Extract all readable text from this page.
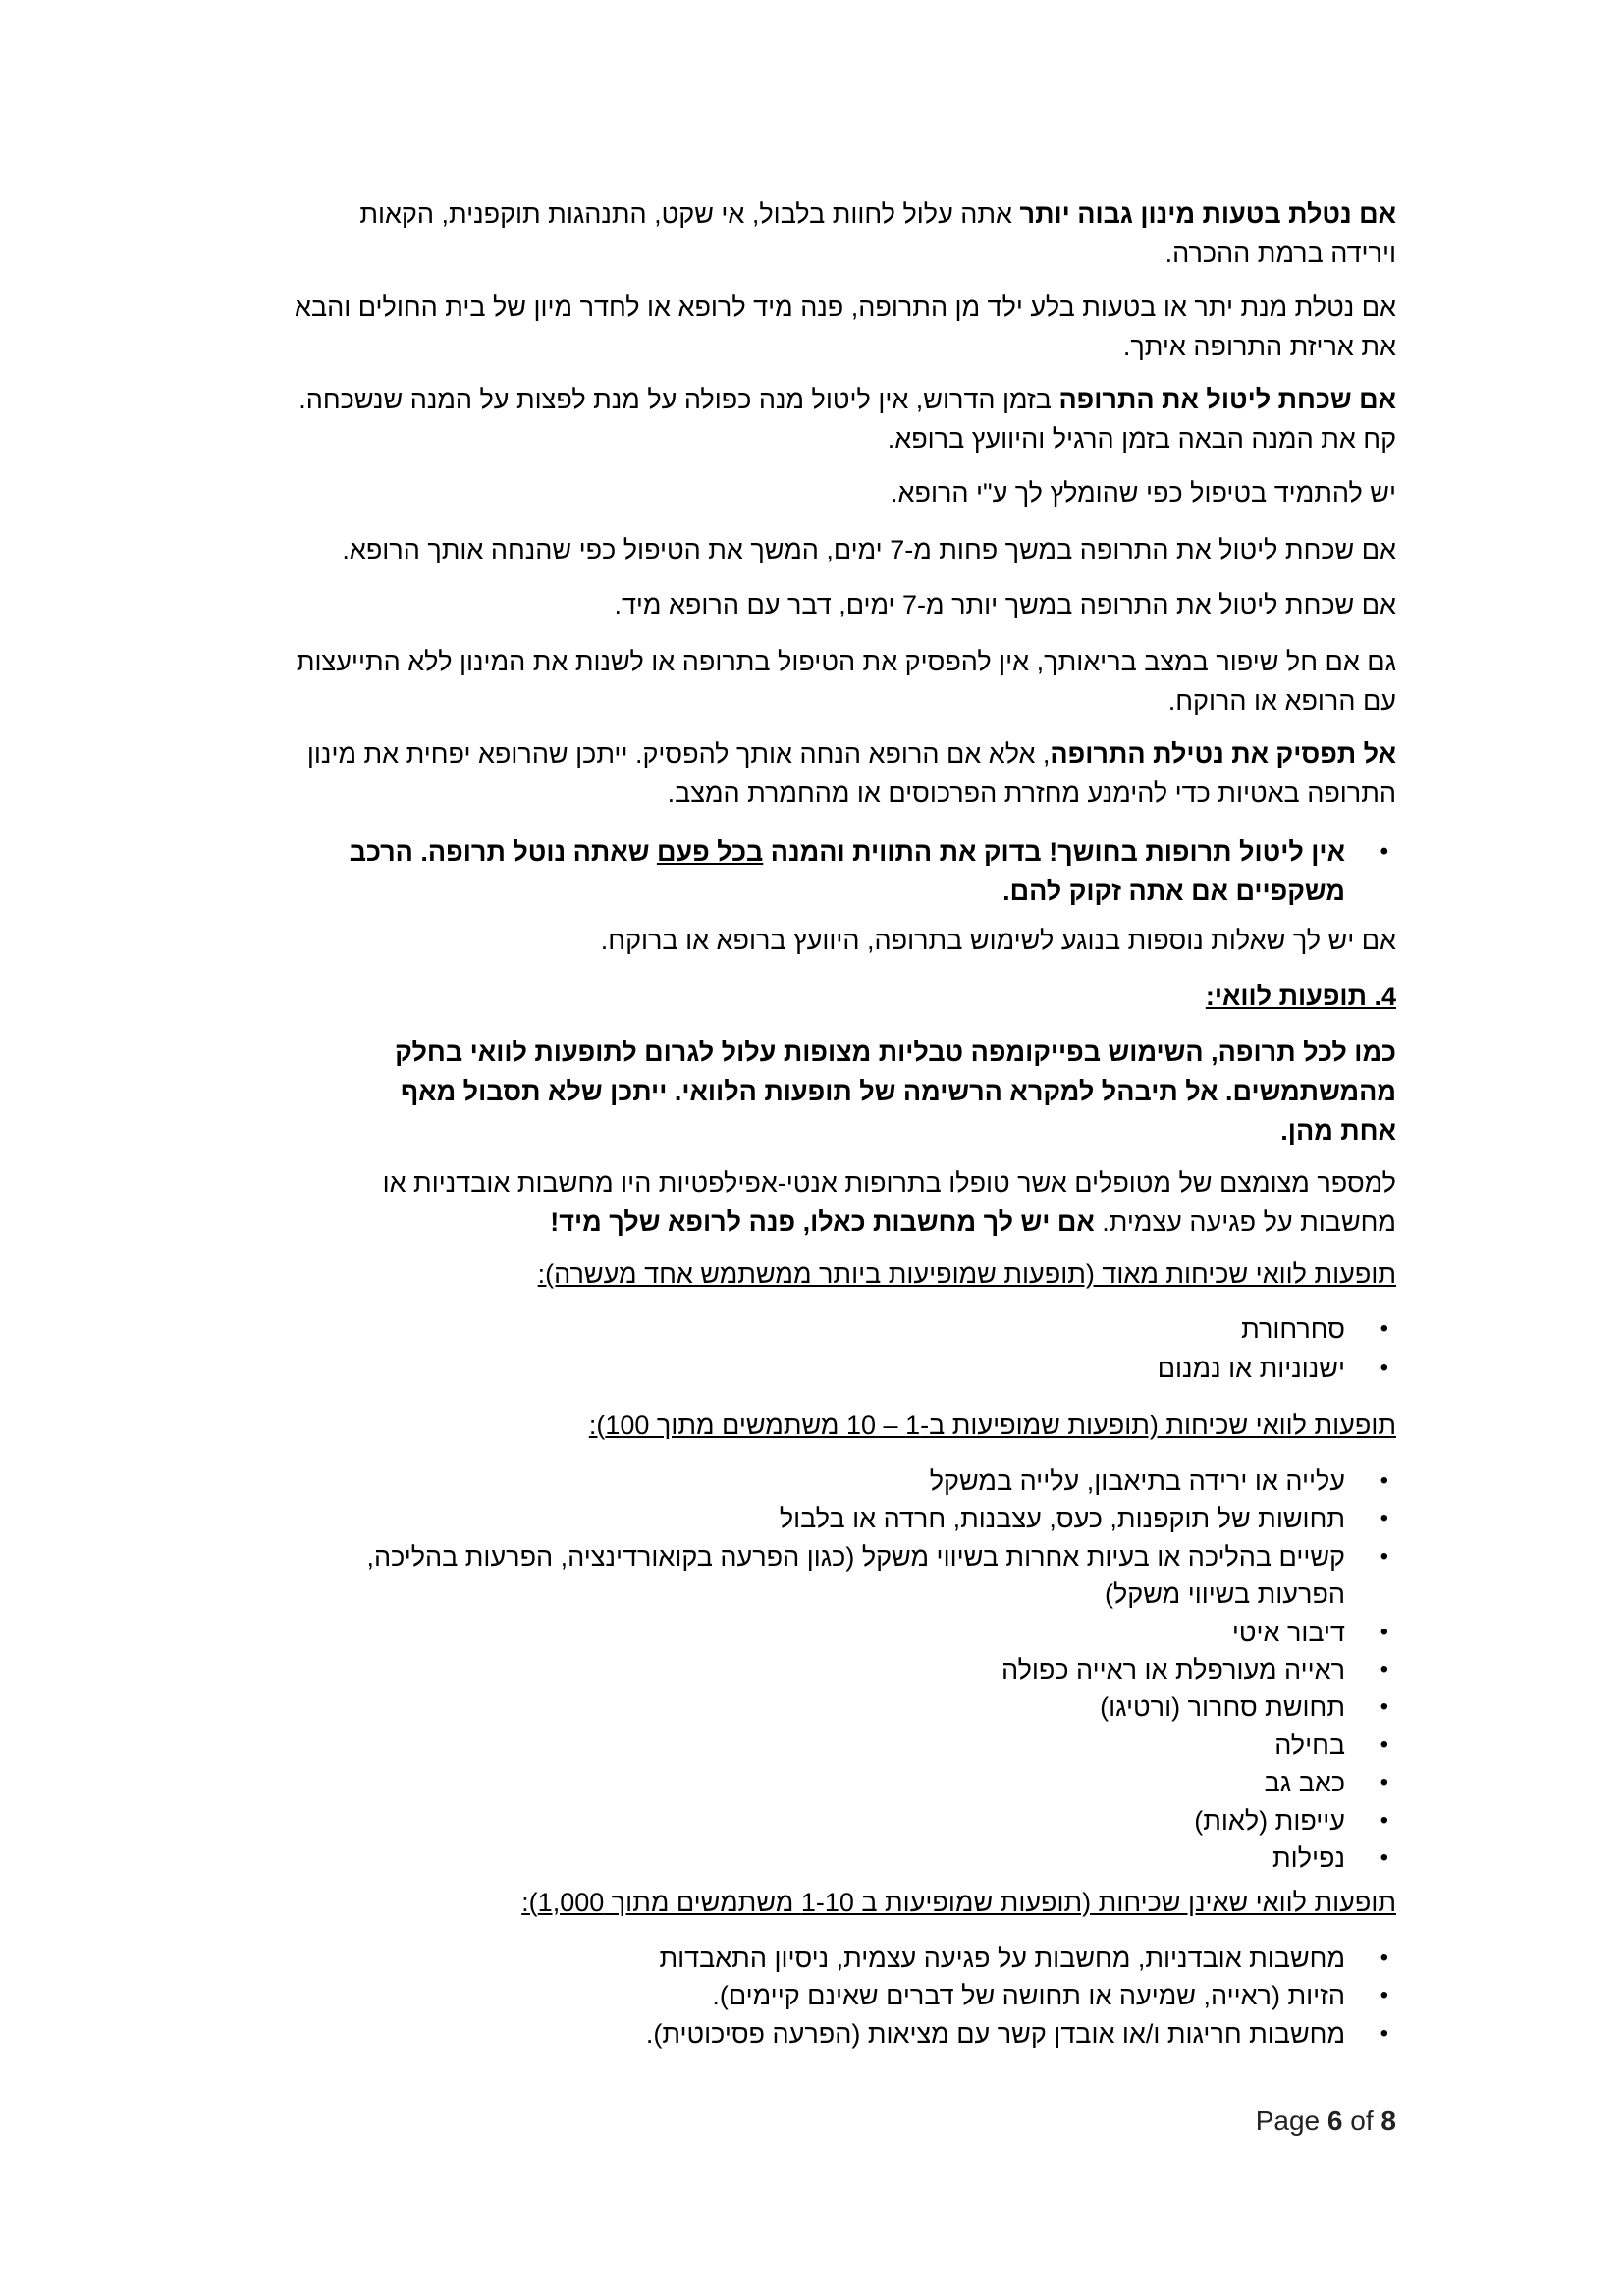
אם נטלת בטעות מינון גבוה יותר אתה עלול לחוות בלבול, אי שקט, התנהגות תוקפנית, הקאות וירידה ברמת ההכרה.

אם נטלת מנת יתר או בטעות בלע ילד מן התרופה, פנה מיד לרופא או לחדר מיון של בית החולים והבא את אריזת התרופה איתך.

אם שכחת ליטול את התרופה בזמן הדרוש, אין ליטול מנה כפולה על מנת לפצות על המנה שנשכחה. קח את המנה הבאה בזמן הרגיל והיוועץ ברופא.

יש להתמיד בטיפול כפי שהומלץ לך ע"י הרופא.

אם שכחת ליטול את התרופה במשך פחות מ-7 ימים, המשך את הטיפול כפי שהנחה אותך הרופא.

אם שכחת ליטול את התרופה במשך יותר מ-7 ימים, דבר עם הרופא מיד.

גם אם חל שיפור במצב בריאותך, אין להפסיק את הטיפול בתרופה או לשנות את המינון ללא התייעצות עם הרופא או הרוקח.

אל תפסיק את נטילת התרופה, אלא אם הרופא הנחה אותך להפסיק. ייתכן שהרופא יפחית את מינון התרופה באטיות כדי להימנע מחזרת הפרכוסים או מהחמרת המצב.

• אין ליטול תרופות בחושך! בדוק את התווית והמנה בכל פעם שאתה נוטל תרופה. הרכב משקפיים אם אתה זקוק להם.

אם יש לך שאלות נוספות בנוגע לשימוש בתרופה, היוועץ ברופא או ברוקח.

4. תופעות לוואי:

כמו לכל תרופה, השימוש בפייקומפה טבליות מצופות עלול לגרום לתופעות לוואי בחלק מהמשתמשים. אל תיבהל למקרא הרשימה של תופעות הלוואי. ייתכן שלא תסבול מאף אחת מהן.

למספר מצומצם של מטופלים אשר טופלו בתרופות אנטי-אפילפטיות היו מחשבות אובדניות או מחשבות על פגיעה עצמית. אם יש לך מחשבות כאלו, פנה לרופא שלך מיד!

תופעות לוואי שכיחות מאוד (תופעות שמופיעות ביותר ממשתמש אחד מעשרה):

• סחרחורת
• ישנוניות או נמנום

תופעות לוואי שכיחות (תופעות שמופיעות ב-1 – 10 משתמשים מתוך 100):

• עלייה או ירידה בתיאבון, עלייה במשקל
• תחושות של תוקפנות, כעס, עצבנות, חרדה או בלבול
• קשיים בהליכה או בעיות אחרות בשיווי משקל (כגון הפרעה בקואורדינציה, הפרעות בהליכה, הפרעות בשיווי משקל)
• דיבור איטי
• ראייה מעורפלת או ראייה כפולה
• תחושת סחרור (ורטיגו)
• בחילה
• כאב גב
• עייפות (לאות)
• נפילות

תופעות לוואי שאינן שכיחות (תופעות שמופיעות ב 1-10 משתמשים מתוך 1,000):

• מחשבות אובדניות, מחשבות על פגיעה עצמית, ניסיון התאבדות
• הזיות (ראייה, שמיעה או תחושה של דברים שאינם קיימים).
• מחשבות חריגות ו/או אובדן קשר עם מציאות (הפרעה פסיכוטית).
Page 6 of 8
